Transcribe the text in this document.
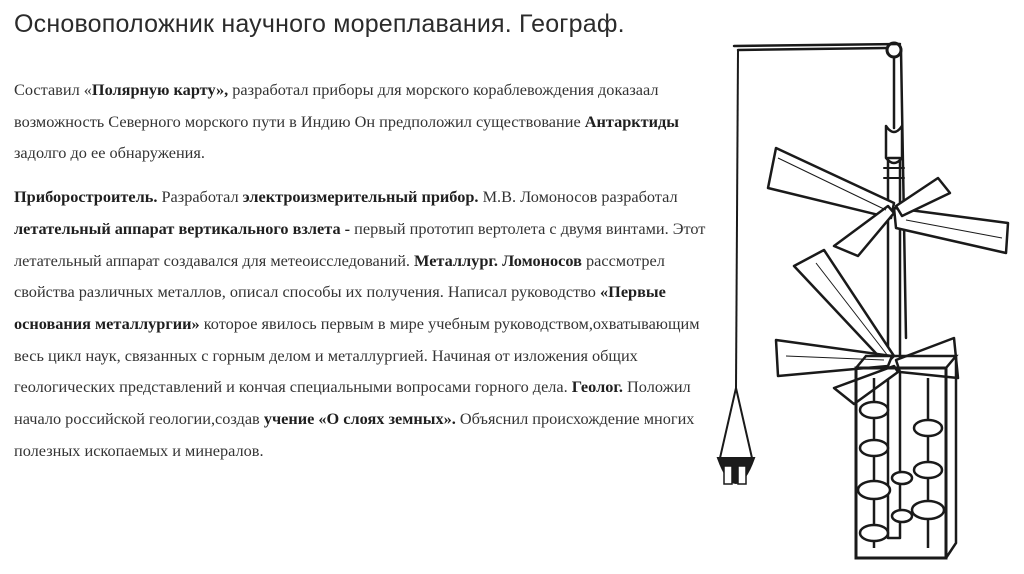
Основоположник научного мореплавания. Географ.

Составил «Полярную карту», разработал приборы для морского кораблевождения доказаал возможность Северного морского пути в Индию Он предположил существование Антарктиды задолго до ее обнаружения.

Приборостроитель. Разработал электроизмерительный прибор. М.В. Ломоносов разработал летательный аппарат вертикального взлета - первый прототип вертолета с двумя винтами. Этот летательный аппарат создавался для метеоисследований. Металлург. Ломоносов рассмотрел свойства различных металлов, описал способы их получения. Написал руководство «Первые основания металлургии» которое явилось первым в мире учебным руководством,охватывающим весь цикл наук, связанных с горным делом и металлургией. Начиная от изложения общих геологических представлений и кончая специальными вопросами горного дела. Геолог. Положил начало российской геологии,создав учение «О слоях земных». Объяснил происхождение многих полезных ископаемых и минералов.
